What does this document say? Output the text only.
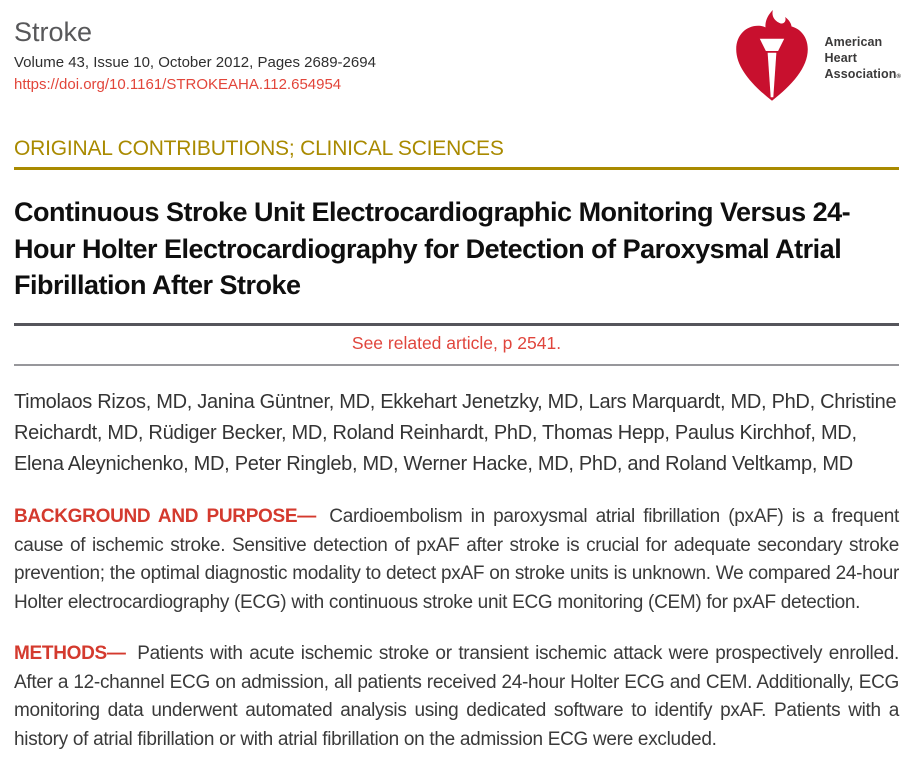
Stroke
Volume 43, Issue 10, October 2012, Pages 2689-2694
https://doi.org/10.1161/STROKEAHA.112.654954
American
Heart
Association®
ORIGINAL CONTRIBUTIONS; CLINICAL SCIENCES
Continuous Stroke Unit Electrocardiographic Monitoring Versus 24-Hour Holter Electrocardiography for Detection of Paroxysmal Atrial Fibrillation After Stroke
See related article, p 2541.
Timolaos Rizos, MD, Janina Güntner, MD, Ekkehart Jenetzky, MD, Lars Marquardt, MD, PhD, Christine Reichardt, MD, Rüdiger Becker, MD, Roland Reinhardt, PhD, Thomas Hepp, Paulus Kirchhof, MD, Elena Aleynichenko, MD, Peter Ringleb, MD, Werner Hacke, MD, PhD, and Roland Veltkamp, MD

BACKGROUND AND PURPOSE— Cardioembolism in paroxysmal atrial fibrillation (pxAF) is a frequent cause of ischemic stroke. Sensitive detection of pxAF after stroke is crucial for adequate secondary stroke prevention; the optimal diagnostic modality to detect pxAF on stroke units is unknown. We compared 24-hour Holter electrocardiography (ECG) with continuous stroke unit ECG monitoring (CEM) for pxAF detection.

METHODS— Patients with acute ischemic stroke or transient ischemic attack were prospectively enrolled. After a 12-channel ECG on admission, all patients received 24-hour Holter ECG and CEM. Additionally, ECG monitoring data underwent automated analysis using dedicated software to identify pxAF. Patients with a history of atrial fibrillation or with atrial fibrillation on the admission ECG were excluded.
